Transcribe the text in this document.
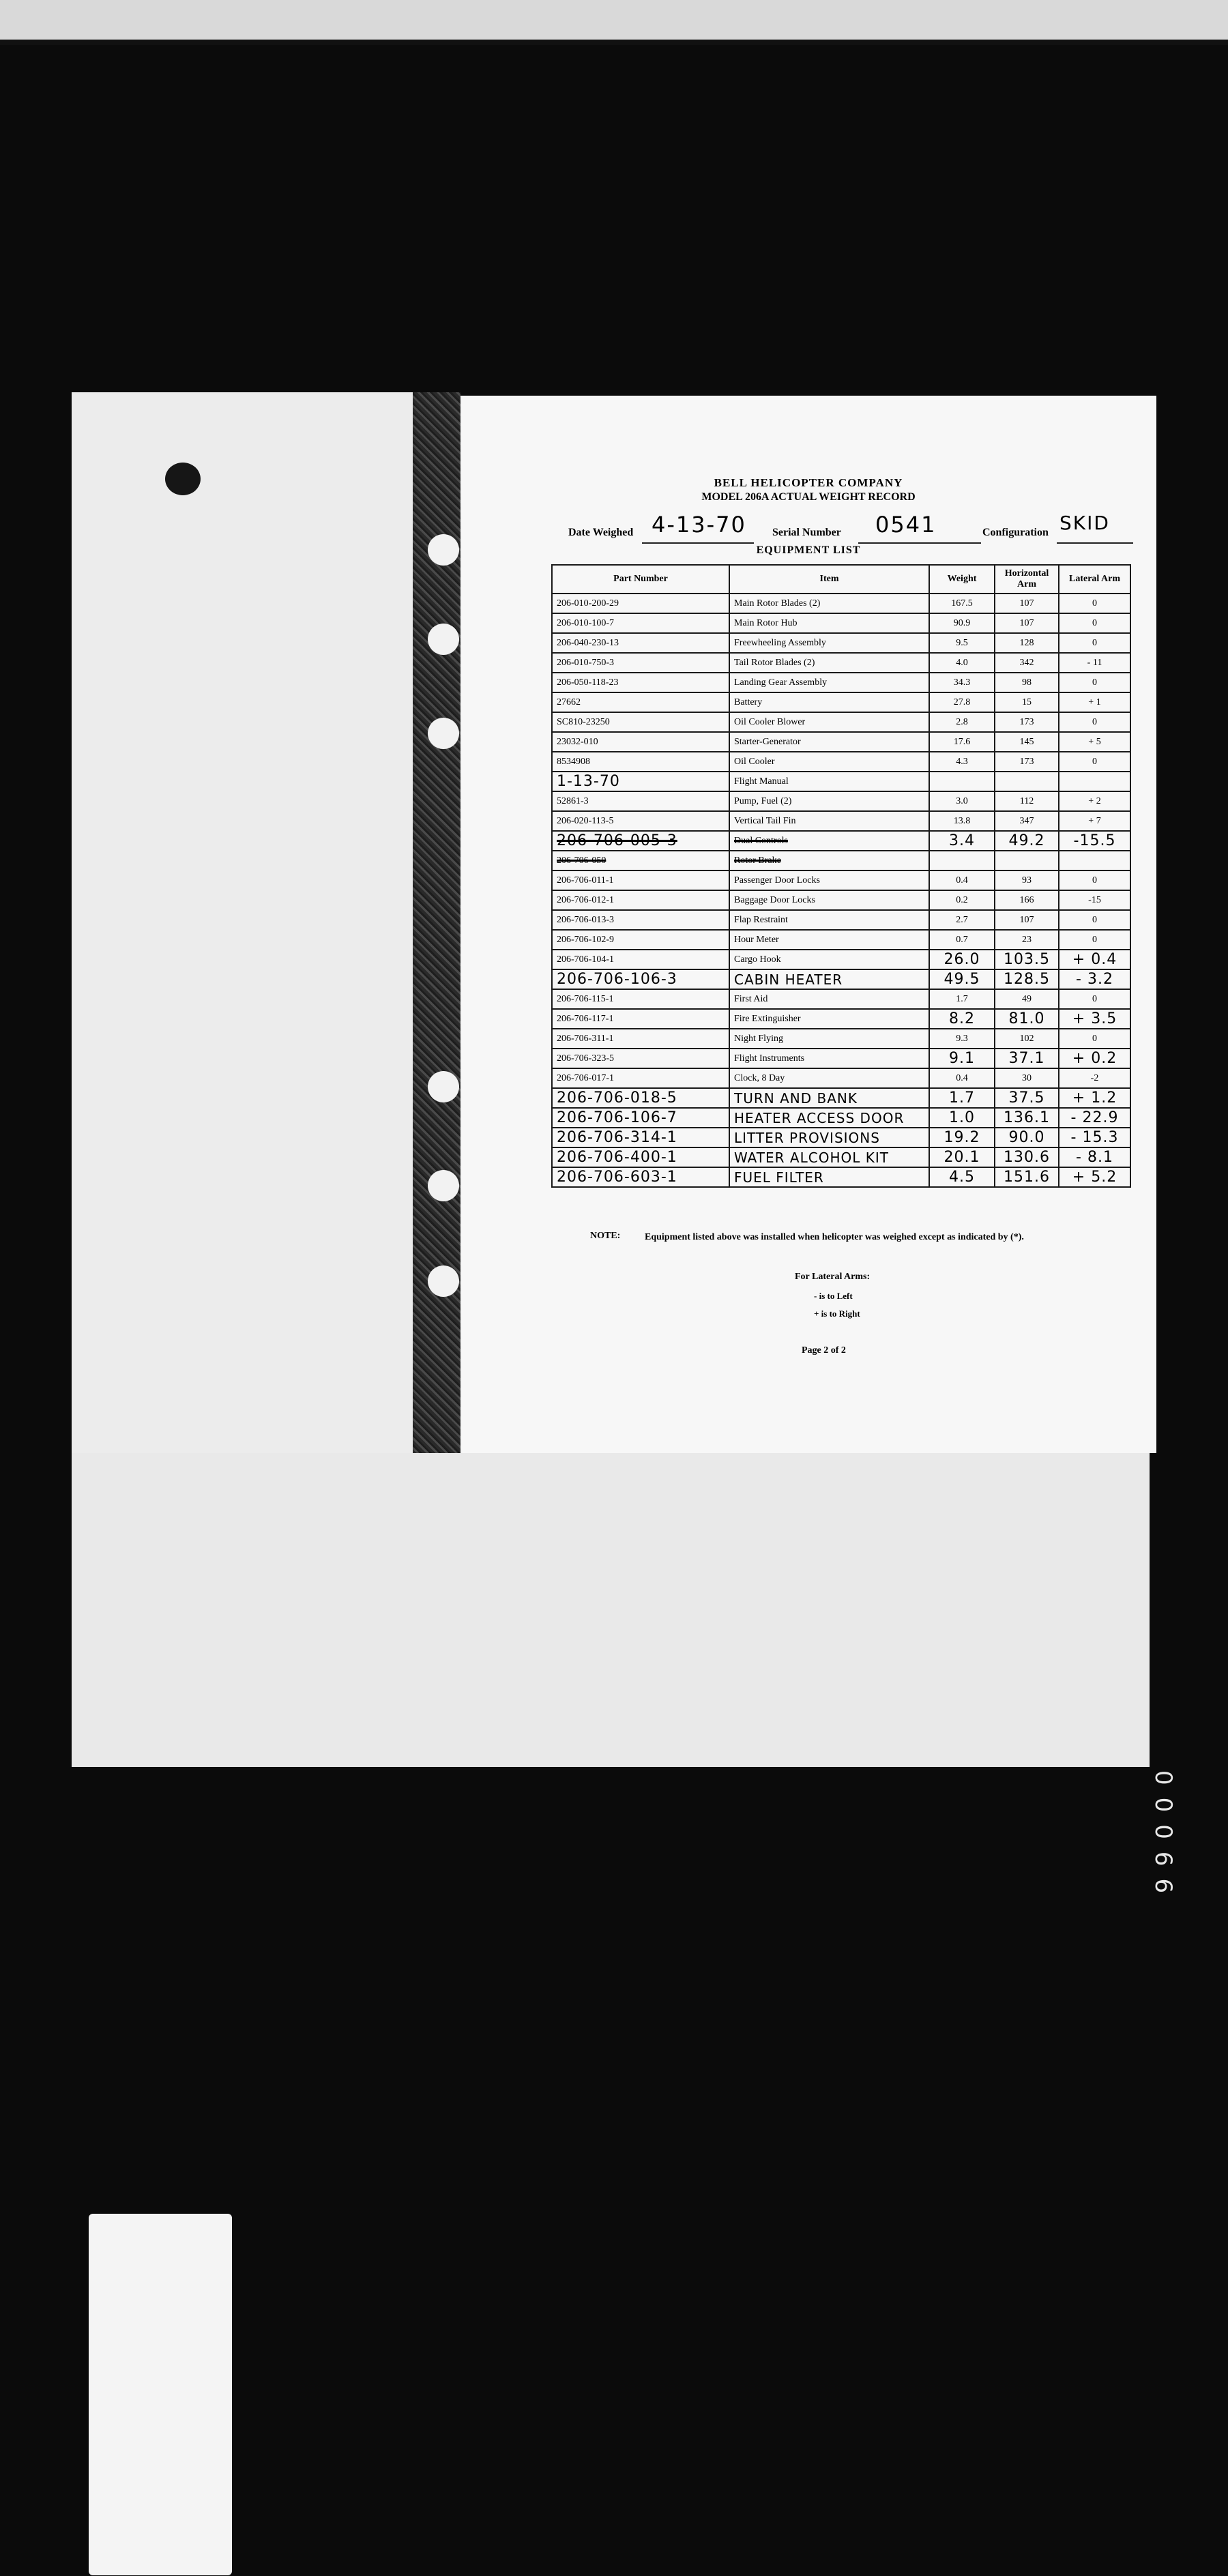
BELL HELICOPTER COMPANY
MODEL 206A ACTUAL WEIGHT RECORD
Date Weighed 4-13-70 Serial Number 0541	Configuration SKID
EQUIPMENT LIST
Part Number	Item	Weight	Horizontal Arm	Lateral Arm
206-010-200-29	Main Rotor Blades (2)	167.5	107	0
206-010-100-7	Main Rotor Hub	90.9	107	0
206-040-230-13	Freewheeling Assembly	9.5	128	0
206-010-750-3	Tail Rotor Blades (2)	4.0	342	- 11
206-050-118-23	Landing Gear Assembly	34.3	98	0
27662	Battery	27.8	15	+ 1
SC810-23250	Oil Cooler Blower	2.8	173	0
23032-010	Starter-Generator	17.6	145	+ 5
8534908	Oil Cooler	4.3	173	0
1-13-70	Flight Manual			
52861-3	Pump, Fuel (2)	3.0	112	+ 2
206-020-113-5	Vertical Tail Fin	13.8	347	+ 7
206-706-005-3	Dual Controls	3.4	49.2	-15.5
206-706-050	Rotor Brake			
206-706-011-1	Passenger Door Locks	0.4	93	0
206-706-012-1	Baggage Door Locks	0.2	166	-15
206-706-013-3	Flap Restraint	2.7	107	0
206-706-102-9	Hour Meter	0.7	23	0
206-706-104-1	Cargo Hook	26.0	103.5	+ 0.4
206-706-106-3	CABIN HEATER	49.5	128.5	- 3.2
206-706-115-1	First Aid	1.7	49	0
206-706-117-1	Fire Extinguisher	8.2	81.0	+ 3.5
206-706-311-1	Night Flying	9.3	102	0
206-706-323-5	Flight Instruments	9.1	37.1	+ 0.2
206-706-017-1	Clock, 8 Day	0.4	30	-2
206-706-018-5	TURN AND BANK	1.7	37.5	+ 1.2
206-706-106-7	HEATER ACCESS DOOR	1.0	136.1	- 22.9
206-706-314-1	LITTER PROVISIONS	19.2	90.0	- 15.3
206-706-400-1	WATER ALCOHOL KIT	20.1	130.6	- 8.1
206-706-603-1	FUEL FILTER	4.5	151.6	+ 5.2
NOTE:	Equipment listed above was installed when helicopter was weighed except as indicated by (*).
For Lateral Arms:
- is to Left
+ is to Right
Page 2 of 2
00066
